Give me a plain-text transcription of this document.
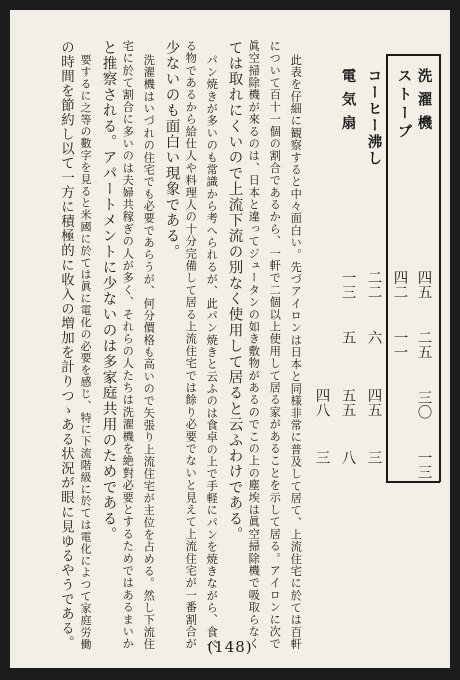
洗濯機
ストーブ
コーヒー沸し
電気扇
四五
二五
三〇
一三
四二
一一
二二
六
四五
三
一三
五
五五
八
四八
三
此表を仔細に観察すると中々面白い。先づアイロンは日本と同様非常に普及して居て、上流住宅に於ては百軒
について百十一個の割合であるから、一軒で二個以上使用して居る家があることを示して居る。アイロンに次で
眞空掃除機が來るのは、日本と違ってジュータンの如き敷物があるのでこの上の塵埃は眞空掃除機で吸取らなく
ては取れにくいので上流下流の別なく使用して居ると云ふわけである。
パン焼きが多いのも常識から考へられるが、此パン焼きと云ふのは食卓の上で手軽にパンを焼きながら、食べ
る物であるから給仕人や料理人の十分完備して居る上流住宅では餘り必要でないと見えて上流住宅が一番割合が
少ないのも面白い現象である。
洗濯機はいづれの住宅でも必要であらうが、何分價格も高いので矢張り上流住宅が主位を占める。然し下流住
宅に於て割合に多いのは夫婦共稼ぎの人が多く、それらの人たちは洗濯機を絶對必要とするためではあるまいか
と推察される。アパートメントに少ないのは多家庭共用のためである。
要するに之等の數字を見ると米國に於ては眞に電化の必要を感じ、特に下流階級に於ては電化によつて家庭労働
の時間を節約し以て一方に積極的に收入の増加を計りつゝある状況が眼に見ゆるやうである。	(148)
